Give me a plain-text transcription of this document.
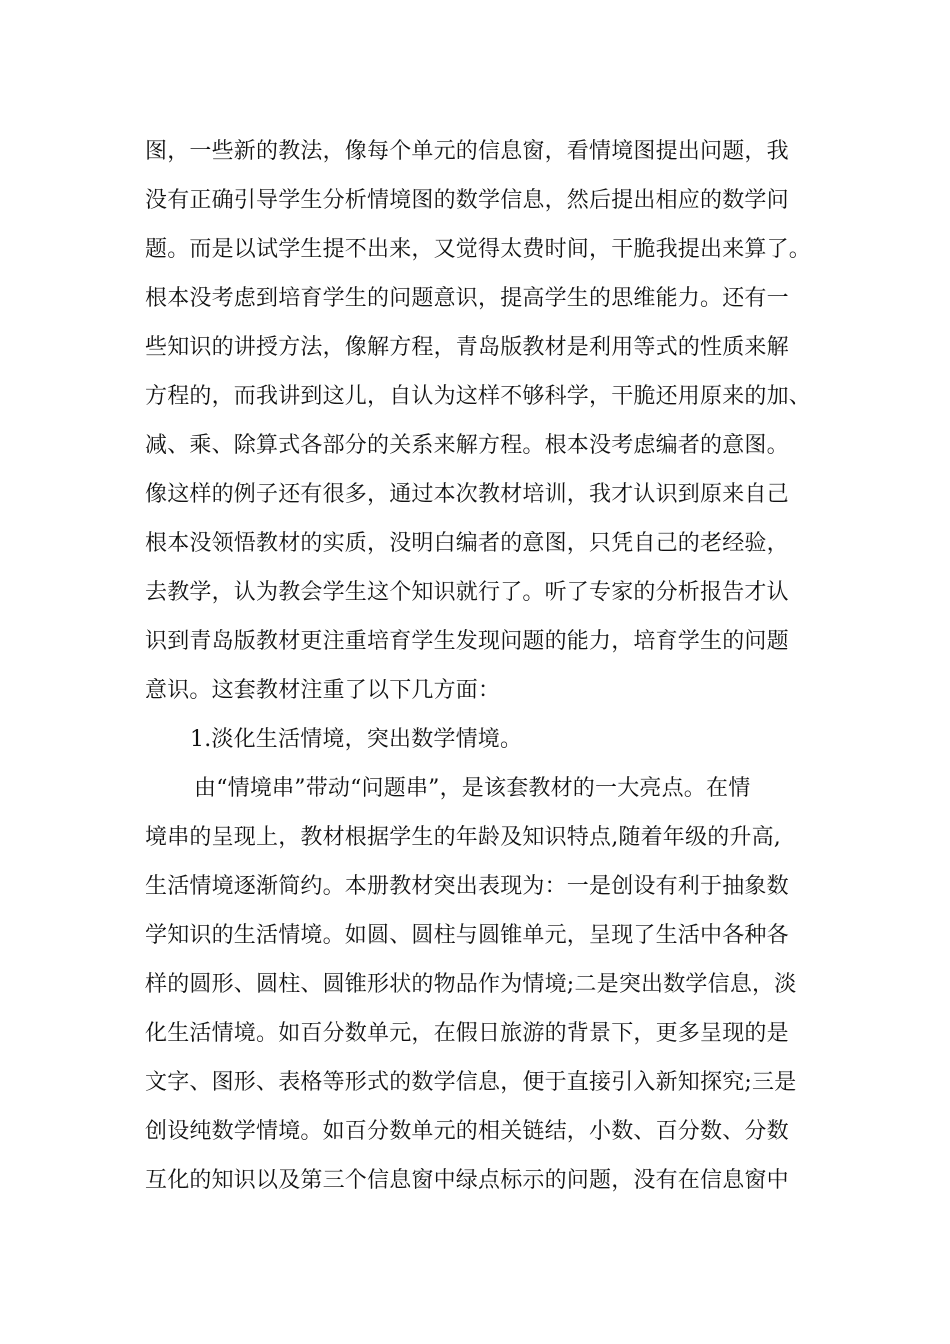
图，一些新的教法，像每个单元的信息窗，看情境图提出问题，我
没有正确引导学生分析情境图的数学信息，然后提出相应的数学问
题。而是以试学生提不出来，又觉得太费时间，干脆我提出来算了。
根本没考虑到培育学生的问题意识，提高学生的思维能力。还有一
些知识的讲授方法，像解方程，青岛版教材是利用等式的性质来解
方程的，而我讲到这儿，自认为这样不够科学，干脆还用原来的加、
减、乘、除算式各部分的关系来解方程。根本没考虑编者的意图。
像这样的例子还有很多，通过本次教材培训，我才认识到原来自己
根本没领悟教材的实质，没明白编者的意图，只凭自己的老经验，
去教学，认为教会学生这个知识就行了。听了专家的分析报告才认
识到青岛版教材更注重培育学生发现问题的能力，培育学生的问题
意识。这套教材注重了以下几方面：
1.淡化生活情境，突出数学情境。
由“情境串”带动“问题串”，是该套教材的一大亮点。在情
境串的呈现上，教材根据学生的年龄及知识特点,随着年级的升高,
生活情境逐渐简约。本册教材突出表现为：一是创设有利于抽象数
学知识的生活情境。如圆、圆柱与圆锥单元，呈现了生活中各种各
样的圆形、圆柱、圆锥形状的物品作为情境;二是突出数学信息，淡
化生活情境。如百分数单元，在假日旅游的背景下，更多呈现的是
文字、图形、表格等形式的数学信息，便于直接引入新知探究;三是
创设纯数学情境。如百分数单元的相关链结，小数、百分数、分数
互化的知识以及第三个信息窗中绿点标示的问题，没有在信息窗中
